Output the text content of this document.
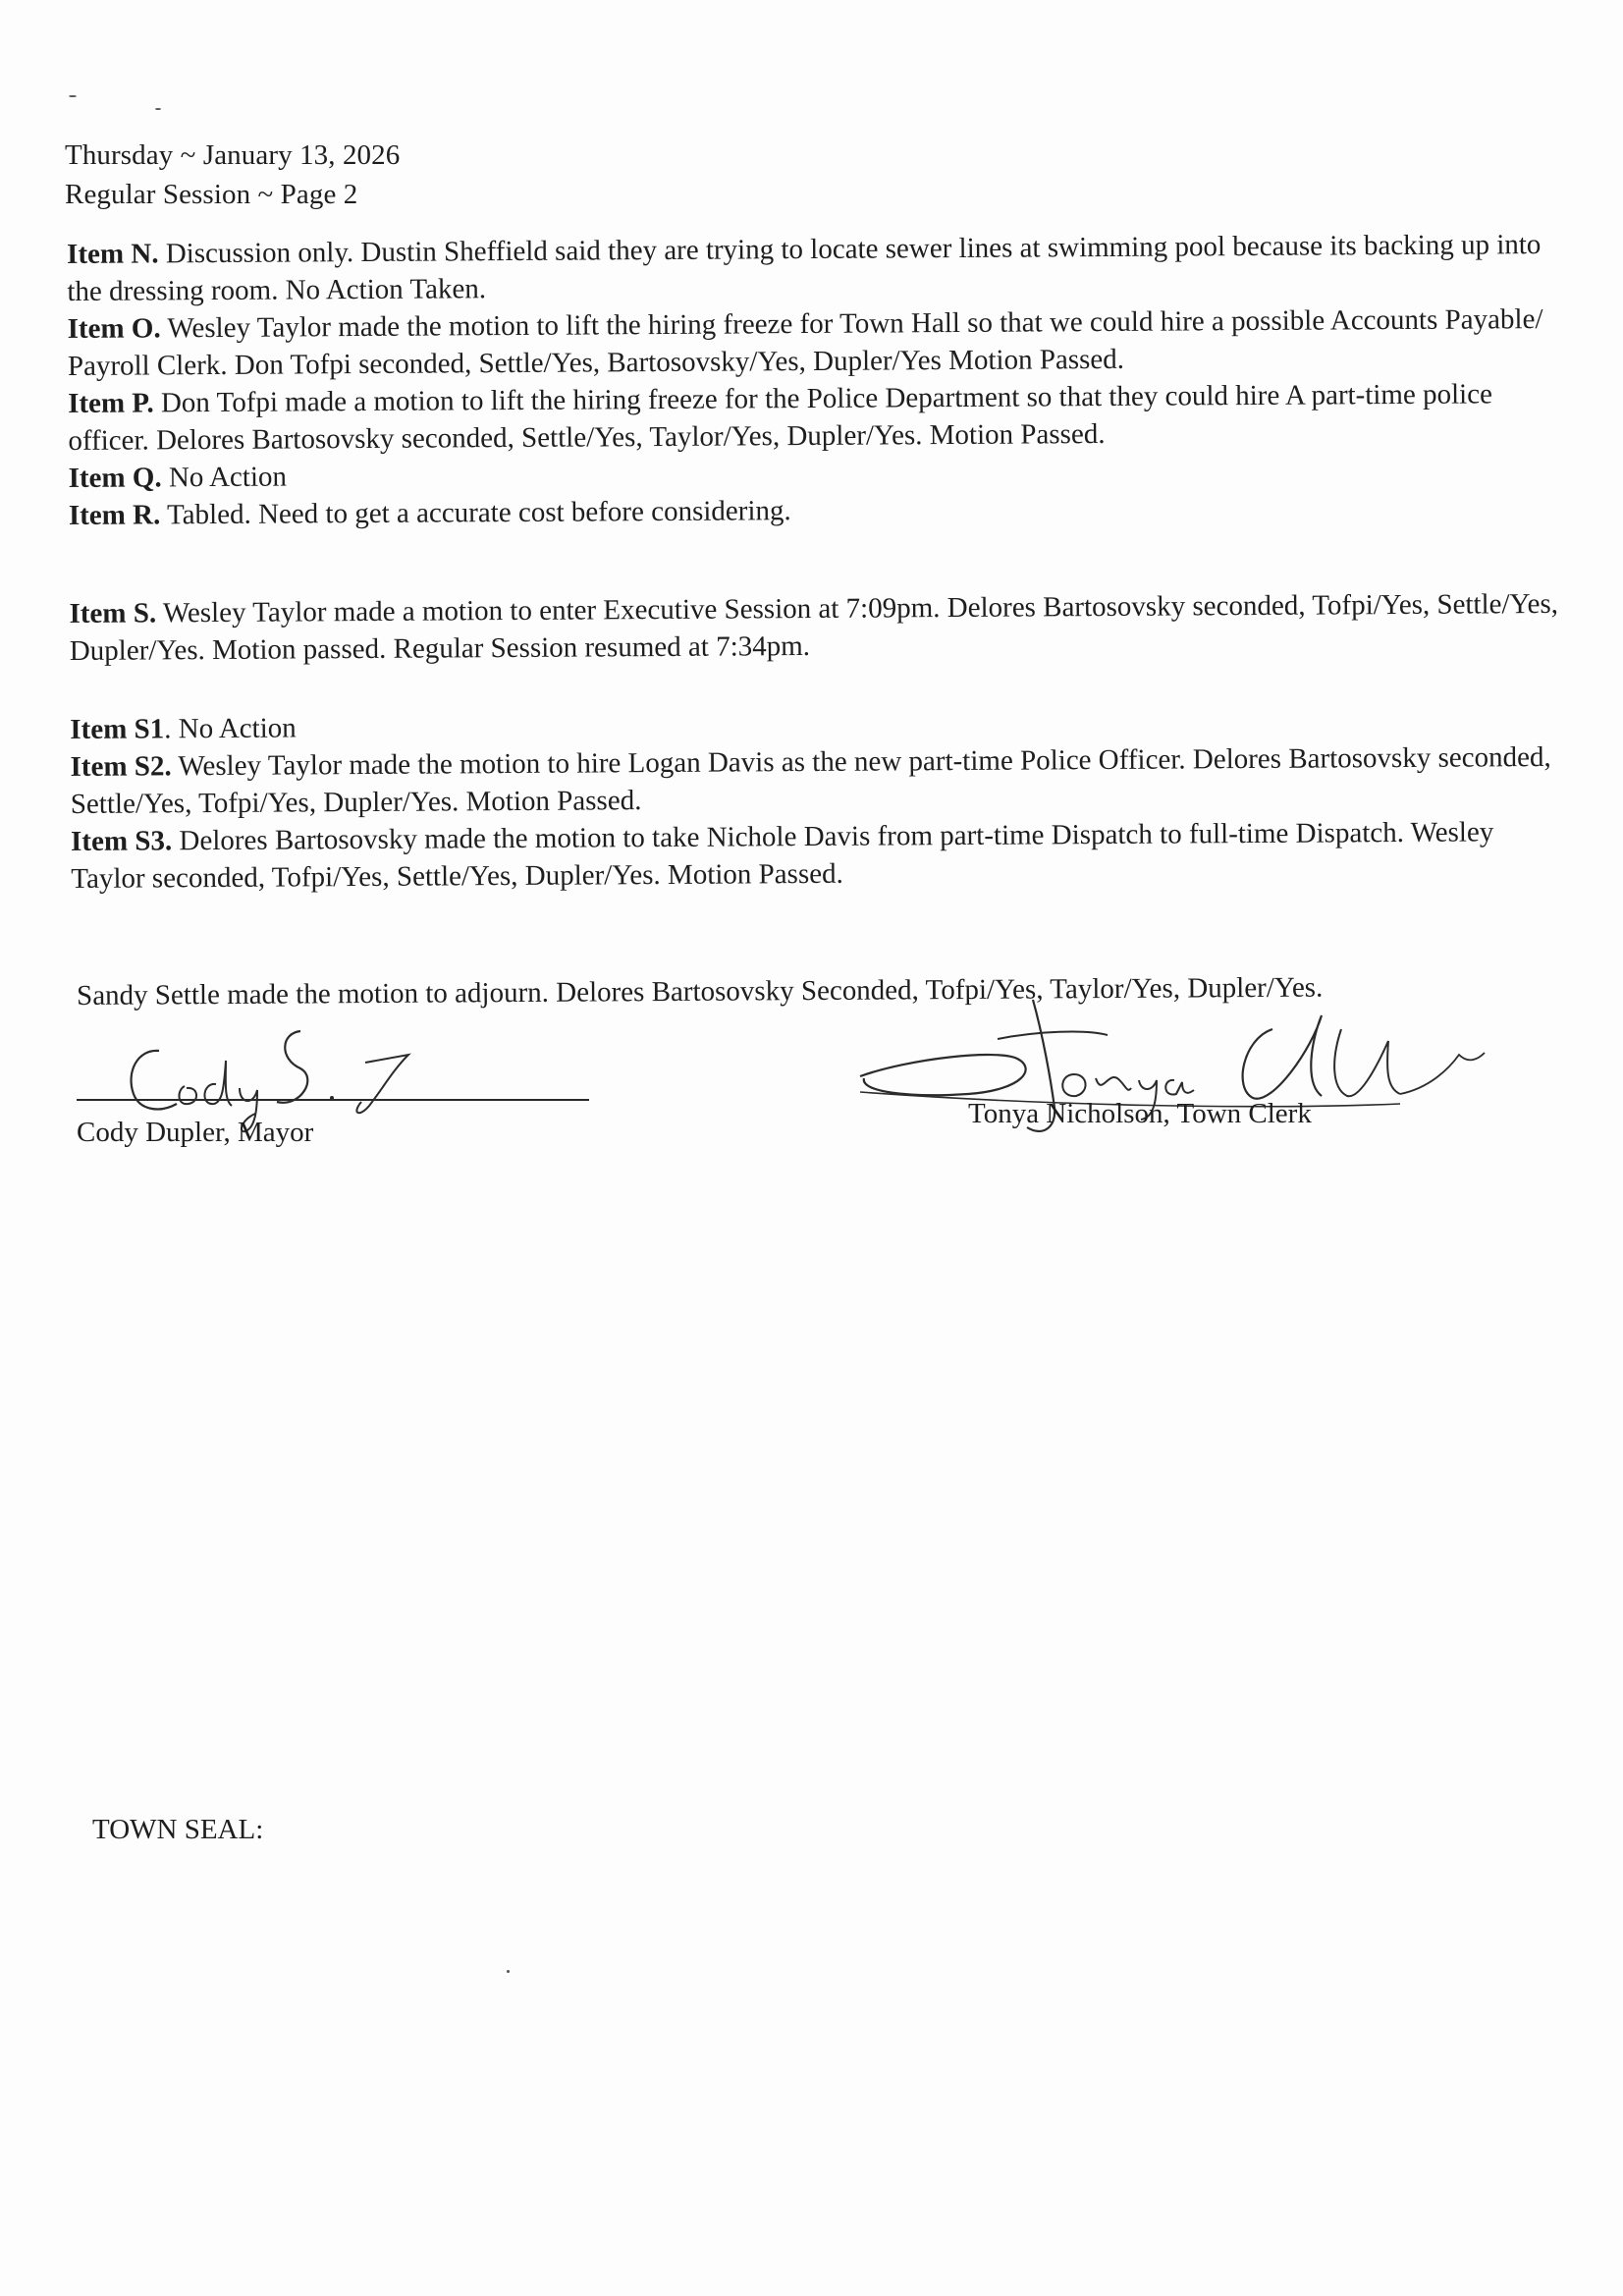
Thursday ~ January 13, 2026
Regular Session ~ Page 2

Item N. Discussion only. Dustin Sheffield said they are trying to locate sewer lines at swimming pool because its backing up into the dressing room. No Action Taken.

Item O. Wesley Taylor made the motion to lift the hiring freeze for Town Hall so that we could hire a possible Accounts Payable/ Payroll Clerk. Don Tofpi seconded, Settle/Yes, Bartosovsky/Yes, Dupler/Yes Motion Passed.

Item P. Don Tofpi made a motion to lift the hiring freeze for the Police Department so that they could hire A part-time police officer. Delores Bartosovsky seconded, Settle/Yes, Taylor/Yes, Dupler/Yes. Motion Passed.

Item Q. No Action

Item R. Tabled. Need to get a accurate cost before considering.

Item S. Wesley Taylor made a motion to enter Executive Session at 7:09pm. Delores Bartosovsky seconded, Tofpi/Yes, Settle/Yes, Dupler/Yes. Motion passed. Regular Session resumed at 7:34pm.

Item S1. No Action

Item S2. Wesley Taylor made the motion to hire Logan Davis as the new part-time Police Officer. Delores Bartosovsky seconded, Settle/Yes, Tofpi/Yes, Dupler/Yes. Motion Passed.

Item S3. Delores Bartosovsky made the motion to take Nichole Davis from part-time Dispatch to full-time Dispatch. Wesley Taylor seconded, Tofpi/Yes, Settle/Yes, Dupler/Yes. Motion Passed.

Sandy Settle made the motion to adjourn. Delores Bartosovsky Seconded, Tofpi/Yes, Taylor/Yes, Dupler/Yes.

Cody Dupler, Mayor
Tonya Nicholson, Town Clerk
TOWN SEAL:
